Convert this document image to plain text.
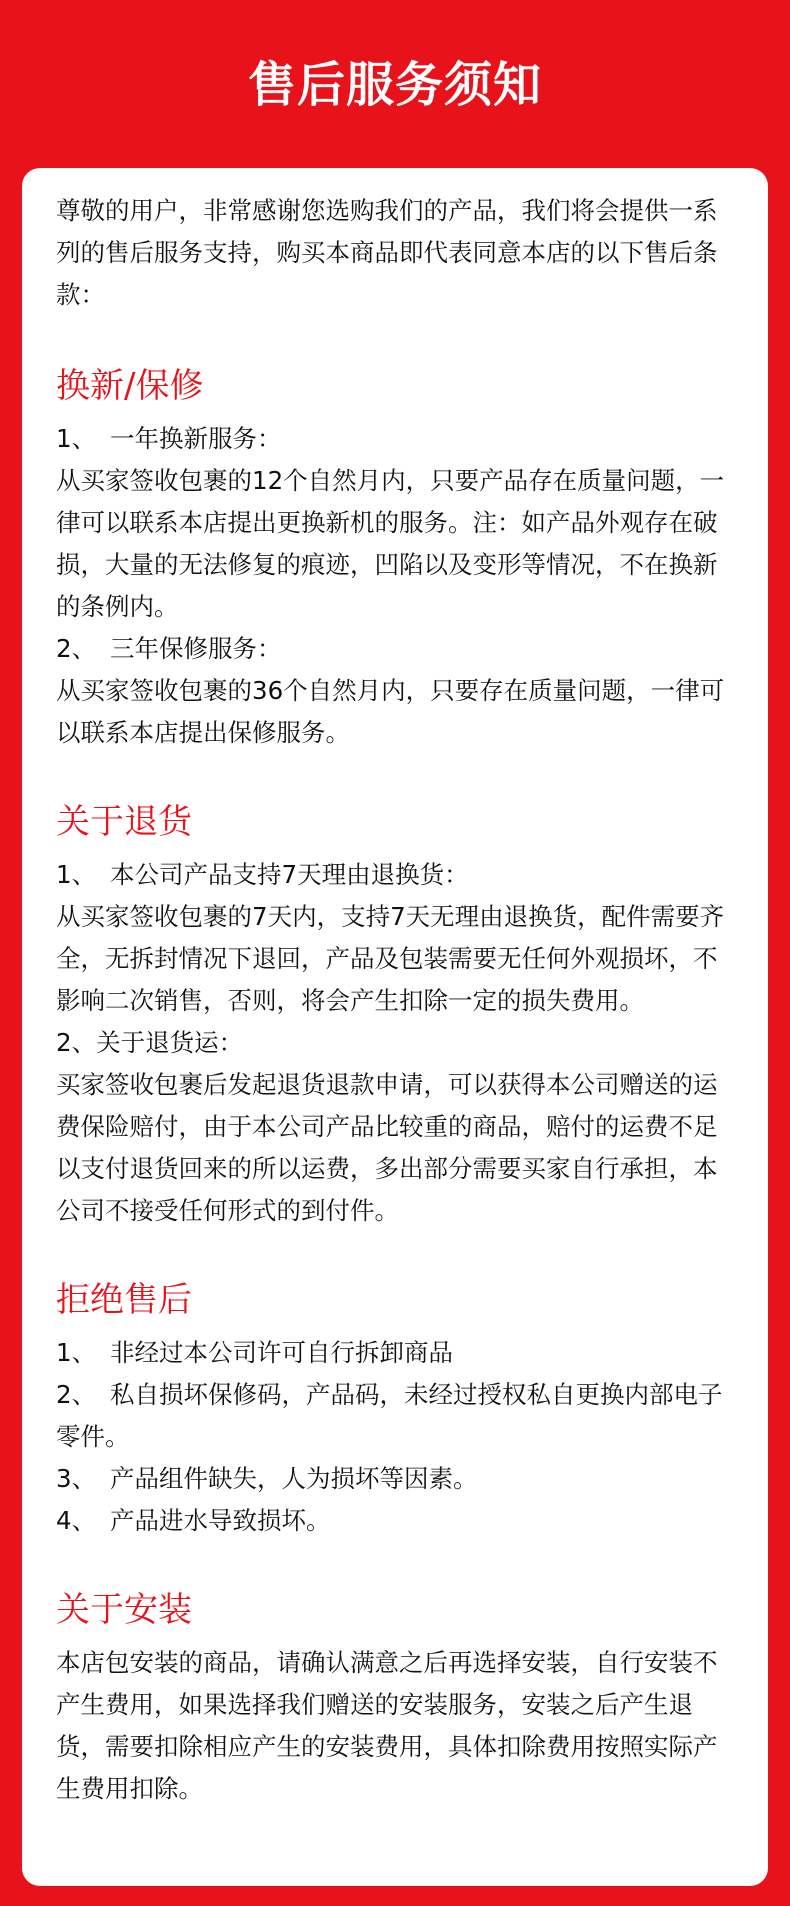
售后服务须知

尊敬的用户，非常感谢您选购我们的产品，我们将会提供一系列的售后服务支持，购买本商品即代表同意本店的以下售后条款：

换新/保修

1、 一年换新服务：

从买家签收包裹的12个自然月内，只要产品存在质量问题，一律可以联系本店提出更换新机的服务。注：如产品外观存在破损，大量的无法修复的痕迹，凹陷以及变形等情况，不在换新的条例内。

2、 三年保修服务：

从买家签收包裹的36个自然月内，只要存在质量问题，一律可以联系本店提出保修服务。

关于退货

1、 本公司产品支持7天理由退换货：

从买家签收包裹的7天内，支持7天无理由退换货，配件需要齐全，无拆封情况下退回，产品及包装需要无任何外观损坏，不影响二次销售，否则，将会产生扣除一定的损失费用。

2、关于退货运：

买家签收包裹后发起退货退款申请，可以获得本公司赠送的运费保险赔付，由于本公司产品比较重的商品，赔付的运费不足以支付退货回来的所以运费，多出部分需要买家自行承担，本公司不接受任何形式的到付件。

拒绝售后

1、 非经过本公司许可自行拆卸商品

2、 私自损坏保修码，产品码，未经过授权私自更换内部电子零件。

3、 产品组件缺失，人为损坏等因素。

4、 产品进水导致损坏。

关于安装

本店包安装的商品，请确认满意之后再选择安装，自行安装不产生费用，如果选择我们赠送的安装服务，安装之后产生退货，需要扣除相应产生的安装费用，具体扣除费用按照实际产生费用扣除。
